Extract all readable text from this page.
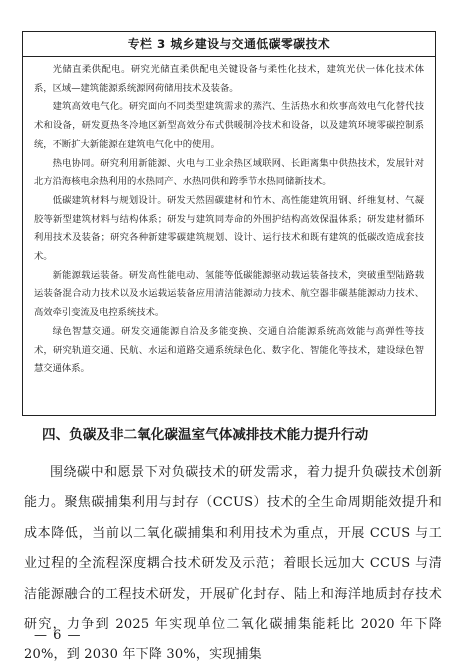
专栏 3 城乡建设与交通低碳零碳技术

光储直柔供配电。研究光储直柔供配电关键设备与柔性化技术，建筑光伏一体化技术体系，区域—建筑能源系统源网荷储用技术及装备。

建筑高效电气化。研究面向不同类型建筑需求的蒸汽、生活热水和炊事高效电气化替代技术和设备，研发夏热冬冷地区新型高效分布式供暖制冷技术和设备，以及建筑环境零碳控制系统，不断扩大新能源在建筑电气化中的使用。

热电协同。研究利用新能源、火电与工业余热区域联网、长距离集中供热技术，发展针对北方沿海核电余热利用的水热同产、水热同供和跨季节水热同储新技术。

低碳建筑材料与规划设计。研发天然固碳建材和竹木、高性能建筑用钢、纤维复材、气凝胶等新型建筑材料与结构体系；研发与建筑同寿命的外围护结构高效保温体系；研发建材循环利用技术及装备；研究各种新建零碳建筑规划、设计、运行技术和既有建筑的低碳改造成套技术。

新能源载运装备。研发高性能电动、氢能等低碳能源驱动载运装备技术，突破重型陆路载运装备混合动力技术以及水运载运装备应用清洁能源动力技术、航空器非碳基能源动力技术、高效牵引变流及电控系统技术。

绿色智慧交通。研发交通能源自洽及多能变换、交通自洽能源系统高效能与高弹性等技术，研究轨道交通、民航、水运和道路交通系统绿色化、数字化、智能化等技术，建设绿色智慧交通体系。

四、负碳及非二氧化碳温室气体减排技术能力提升行动

围绕碳中和愿景下对负碳技术的研发需求，着力提升负碳技术创新能力。聚焦碳捕集利用与封存（CCUS）技术的全生命周期能效提升和成本降低，当前以二氧化碳捕集和利用技术为重点，开展 CCUS 与工业过程的全流程深度耦合技术研发及示范；着眼长远加大 CCUS 与清洁能源融合的工程技术研发，开展矿化封存、陆上和海洋地质封存技术研究，力争到 2025 年实现单位二氧化碳捕集能耗比 2020 年下降 20%，到 2030 年下降 30%，实现捕集

— 6 —
